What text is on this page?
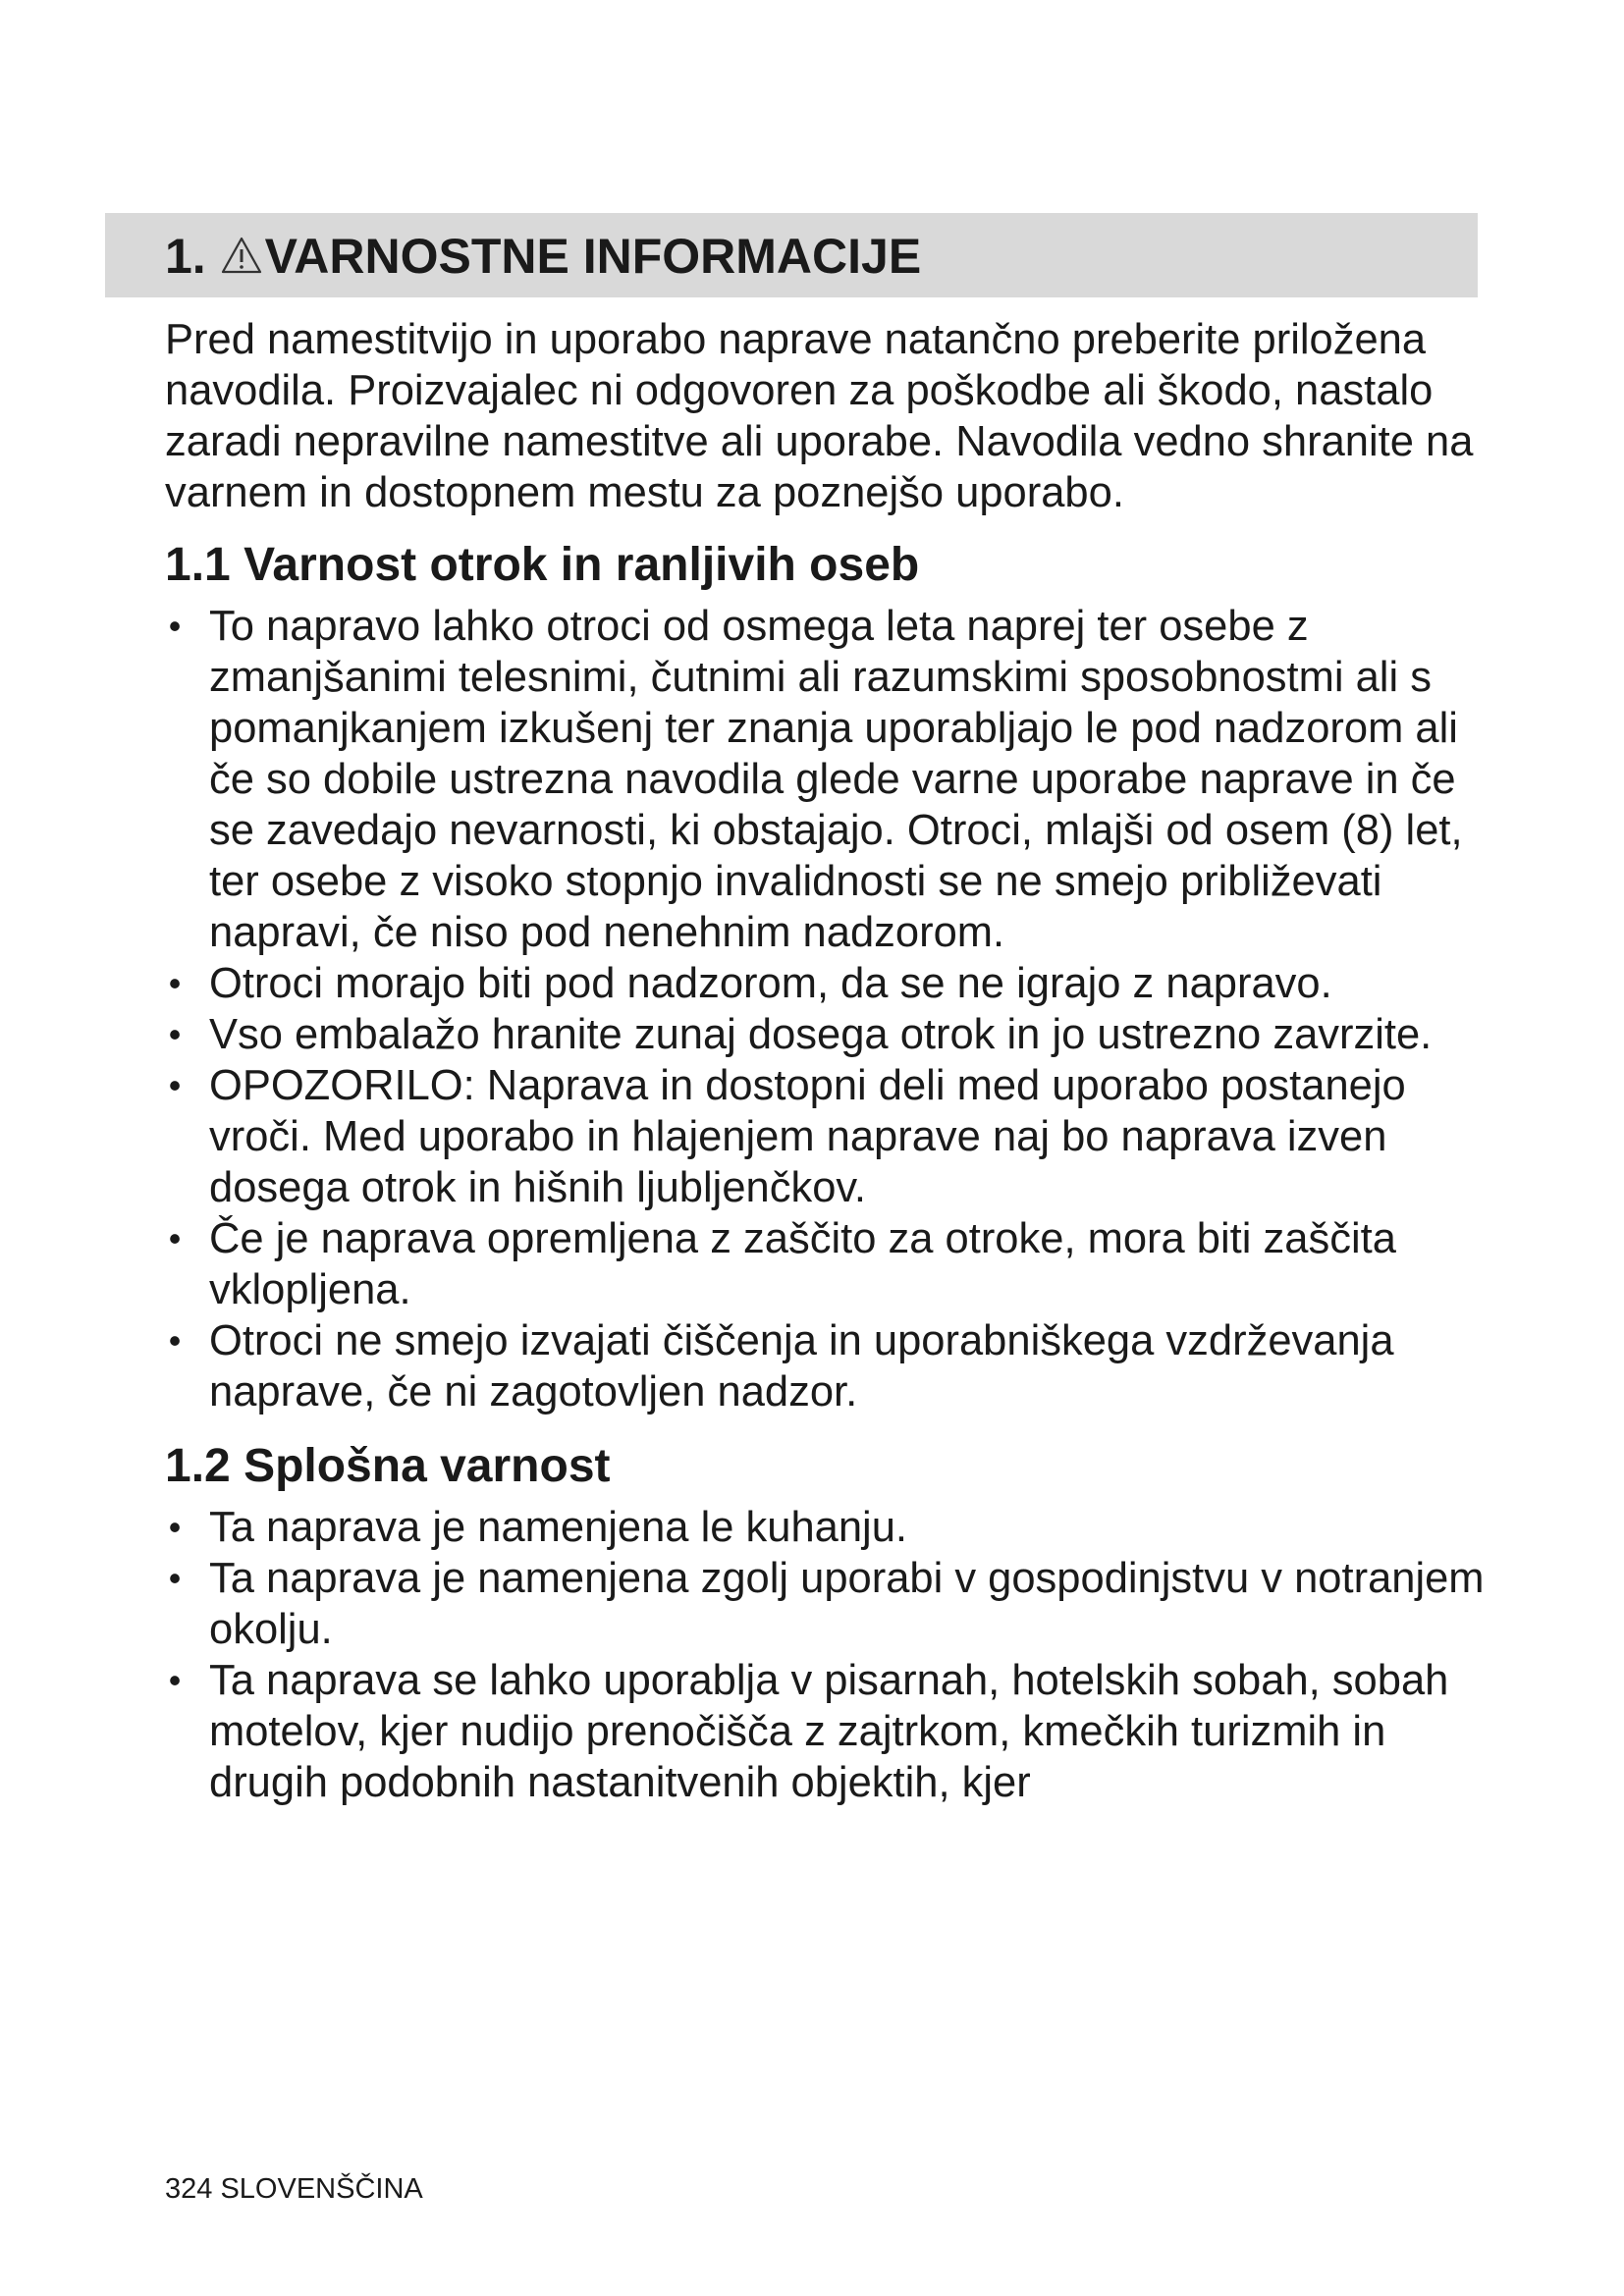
1. VARNOSTNE INFORMACIJE

Pred namestitvijo in uporabo naprave natančno preberite priložena navodila. Proizvajalec ni odgovoren za poškodbe ali škodo, nastalo zaradi nepravilne namestitve ali uporabe. Navodila vedno shranite na varnem in dostopnem mestu za poznejšo uporabo.

1.1 Varnost otrok in ranljivih oseb
• To napravo lahko otroci od osmega leta naprej ter osebe z zmanjšanimi telesnimi, čutnimi ali razumskimi sposobnostmi ali s pomanjkanjem izkušenj ter znanja uporabljajo le pod nadzorom ali če so dobile ustrezna navodila glede varne uporabe naprave in če se zavedajo nevarnosti, ki obstajajo. Otroci, mlajši od osem (8) let, ter osebe z visoko stopnjo invalidnosti se ne smejo približevati napravi, če niso pod nenehnim nadzorom.
• Otroci morajo biti pod nadzorom, da se ne igrajo z napravo.
• Vso embalažo hranite zunaj dosega otrok in jo ustrezno zavrzite.
• OPOZORILO: Naprava in dostopni deli med uporabo postanejo vroči. Med uporabo in hlajenjem naprave naj bo naprava izven dosega otrok in hišnih ljubljenčkov.
• Če je naprava opremljena z zaščito za otroke, mora biti zaščita vklopljena.
• Otroci ne smejo izvajati čiščenja in uporabniškega vzdrževanja naprave, če ni zagotovljen nadzor.
1.2 Splošna varnost
• Ta naprava je namenjena le kuhanju.
• Ta naprava je namenjena zgolj uporabi v gospodinjstvu v notranjem okolju.
• Ta naprava se lahko uporablja v pisarnah, hotelskih sobah, sobah motelov, kjer nudijo prenočišča z zajtrkom, kmečkih turizmih in drugih podobnih nastanitvenih objektih, kjer
324 SLOVENŠČINA
